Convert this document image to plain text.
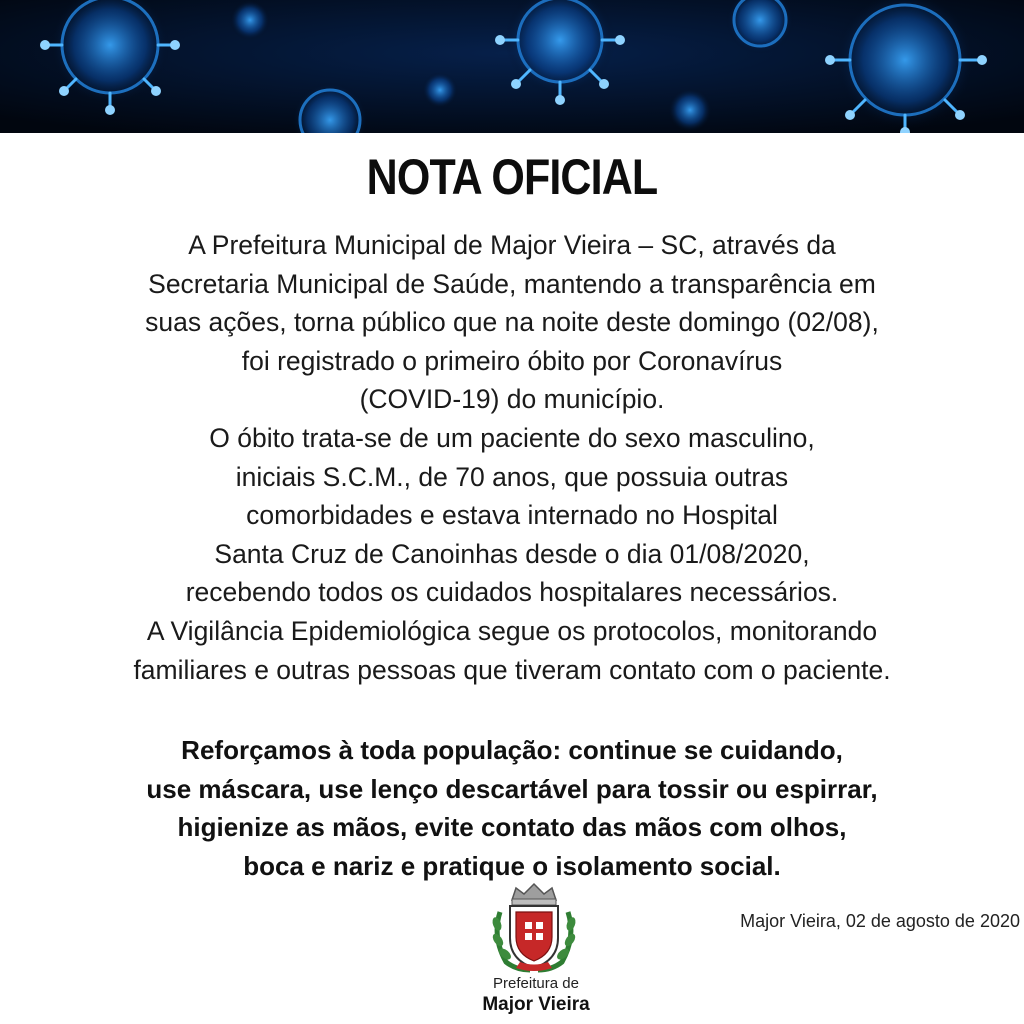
NOTA OFICIAL
A Prefeitura Municipal de Major Vieira – SC, através da
Secretaria Municipal de Saúde, mantendo a transparência em
suas ações, torna público que na noite deste domingo (02/08),
foi registrado o primeiro óbito por Coronavírus
(COVID-19) do município.
O óbito trata-se de um paciente do sexo masculino,
iniciais S.C.M., de 70 anos, que possuia outras
comorbidades e estava internado no Hospital
Santa Cruz de Canoinhas desde o dia 01/08/2020,
recebendo todos os cuidados hospitalares necessários.
A Vigilância Epidemiológica segue os protocolos, monitorando
familiares e outras pessoas que tiveram contato com o paciente.
Reforçamos à toda população: continue se cuidando,
use máscara, use lenço descartável para tossir ou espirrar,
higienize as mãos, evite contato das mãos com olhos,
boca e nariz e pratique o isolamento social.
Prefeitura de
Major Vieira
Major Vieira, 02 de agosto de 2020
